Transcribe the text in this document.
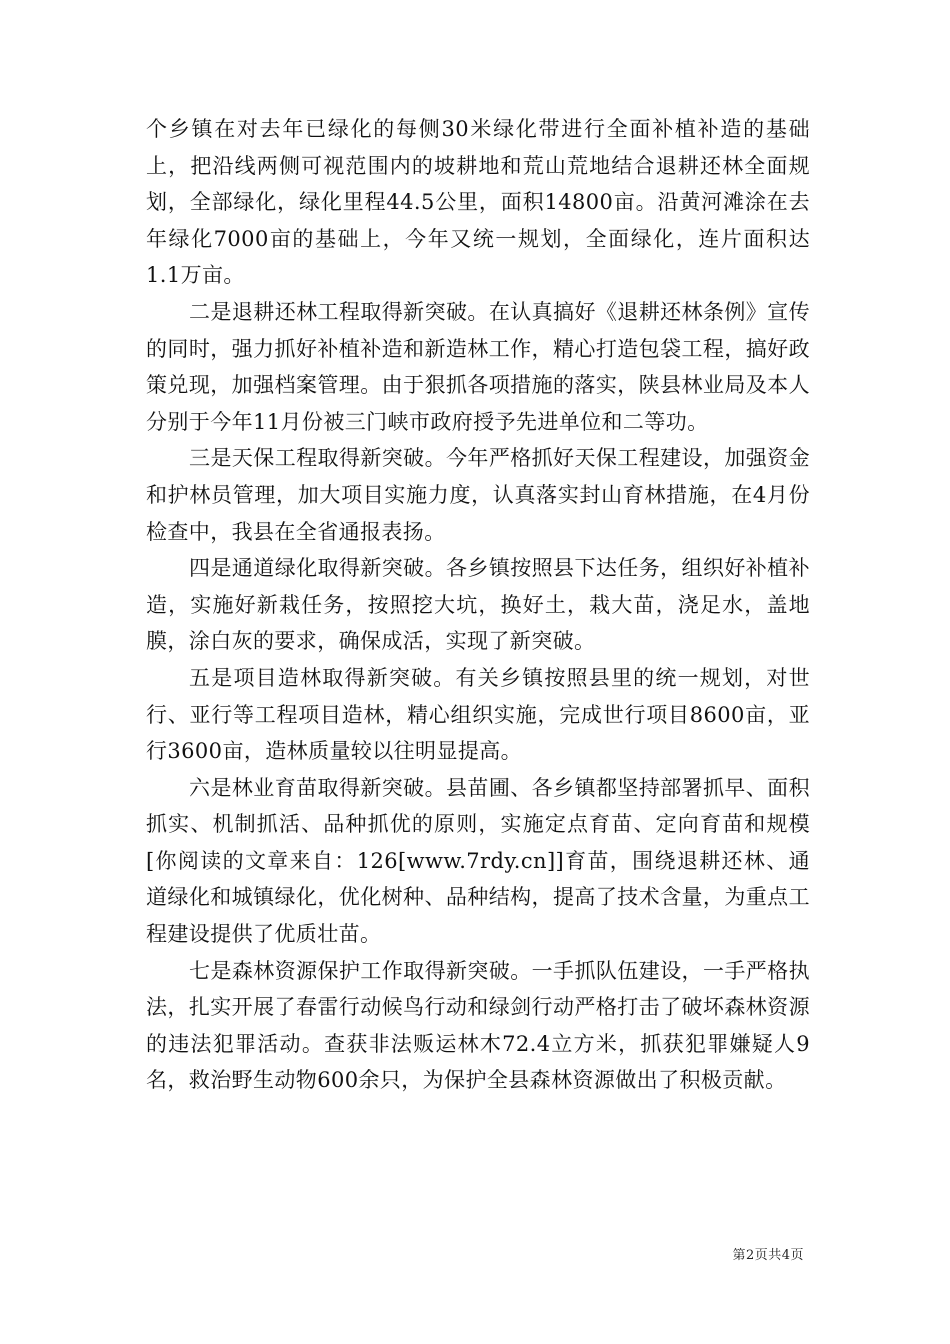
个乡镇在对去年已绿化的每侧30米绿化带进行全面补植补造的基础上，把沿线两侧可视范围内的坡耕地和荒山荒地结合退耕还林全面规划，全部绿化，绿化里程44.5公里，面积14800亩。沿黄河滩涂在去年绿化7000亩的基础上，今年又统一规划，全面绿化，连片面积达1.1万亩。

二是退耕还林工程取得新突破。在认真搞好《退耕还林条例》宣传的同时，强力抓好补植补造和新造林工作，精心打造包袋工程，搞好政策兑现，加强档案管理。由于狠抓各项措施的落实，陕县林业局及本人分别于今年11月份被三门峡市政府授予先进单位和二等功。

三是天保工程取得新突破。今年严格抓好天保工程建设，加强资金和护林员管理，加大项目实施力度，认真落实封山育林措施，在4月份检查中，我县在全省通报表扬。

四是通道绿化取得新突破。各乡镇按照县下达任务，组织好补植补造，实施好新栽任务，按照挖大坑，换好土，栽大苗，浇足水，盖地膜，涂白灰的要求，确保成活，实现了新突破。

五是项目造林取得新突破。有关乡镇按照县里的统一规划，对世行、亚行等工程项目造林，精心组织实施，完成世行项目8600亩，亚行3600亩，造林质量较以往明显提高。

六是林业育苗取得新突破。县苗圃、各乡镇都坚持部署抓早、面积抓实、机制抓活、品种抓优的原则，实施定点育苗、定向育苗和规模[你阅读的文章来自：126[www.7rdy.cn]]育苗，围绕退耕还林、通道绿化和城镇绿化，优化树种、品种结构，提高了技术含量，为重点工程建设提供了优质壮苗。

七是森林资源保护工作取得新突破。一手抓队伍建设，一手严格执法，扎实开展了春雷行动候鸟行动和绿剑行动严格打击了破坏森林资源的违法犯罪活动。查获非法贩运林木72.4立方米，抓获犯罪嫌疑人9名，救治野生动物600余只，为保护全县森林资源做出了积极贡献。

第2页共4页
